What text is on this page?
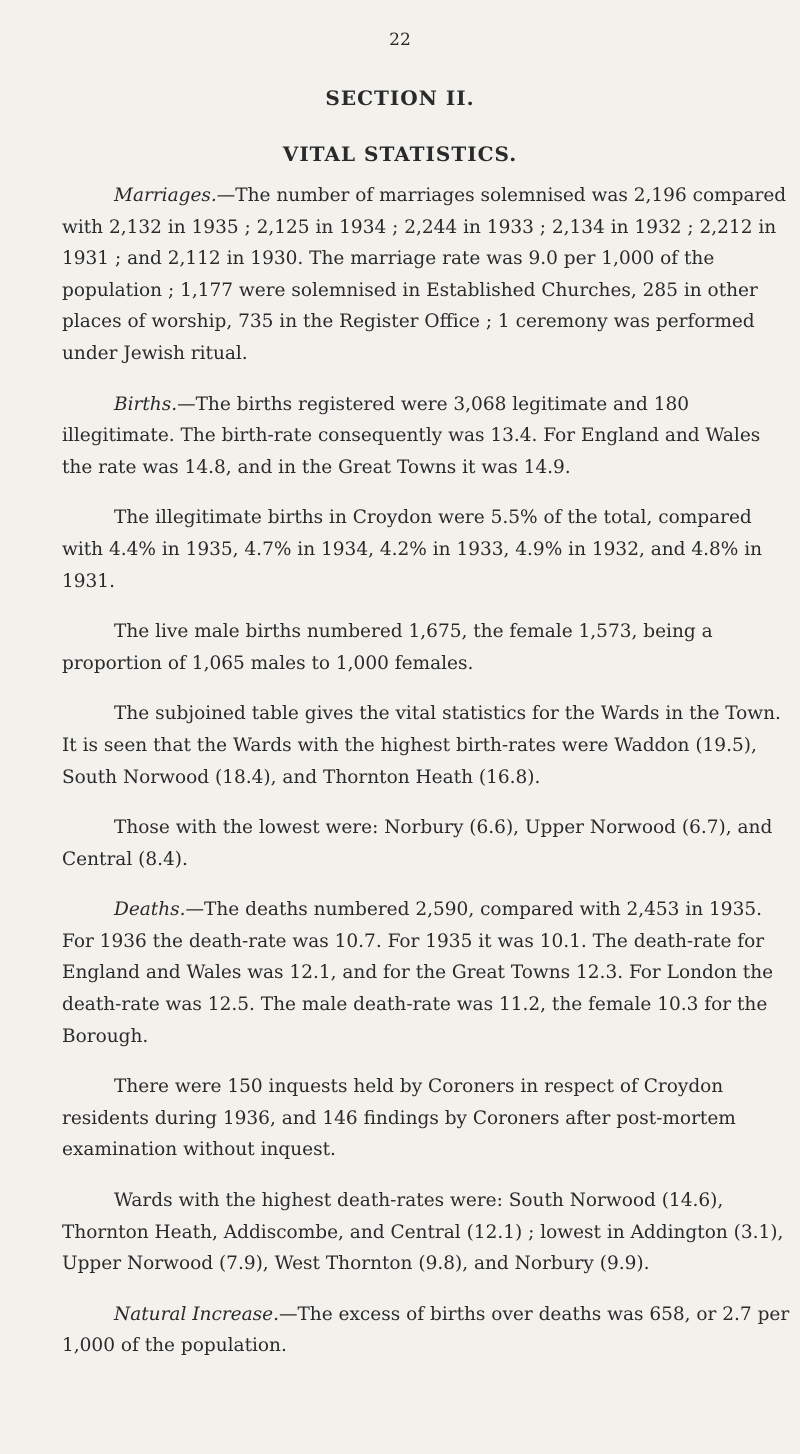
22
SECTION II.
VITAL STATISTICS.

Marriages.—The number of marriages solemnised was 2,196 compared with 2,132 in 1935 ; 2,125 in 1934 ; 2,244 in 1933 ; 2,134 in 1932 ; 2,212 in 1931 ; and 2,112 in 1930. The marriage rate was 9.0 per 1,000 of the population ; 1,177 were solemnised in Established Churches, 285 in other places of worship, 735 in the Register Office ; 1 ceremony was performed under Jewish ritual.

Births.—The births registered were 3,068 legitimate and 180 illegitimate. The birth-rate consequently was 13.4. For England and Wales the rate was 14.8, and in the Great Towns it was 14.9.

The illegitimate births in Croydon were 5.5% of the total, compared with 4.4% in 1935, 4.7% in 1934, 4.2% in 1933, 4.9% in 1932, and 4.8% in 1931.

The live male births numbered 1,675, the female 1,573, being a proportion of 1,065 males to 1,000 females.

The subjoined table gives the vital statistics for the Wards in the Town. It is seen that the Wards with the highest birth-rates were Waddon (19.5), South Norwood (18.4), and Thornton Heath (16.8).

Those with the lowest were: Norbury (6.6), Upper Norwood (6.7), and Central (8.4).

Deaths.—The deaths numbered 2,590, compared with 2,453 in 1935. For 1936 the death-rate was 10.7. For 1935 it was 10.1. The death-rate for England and Wales was 12.1, and for the Great Towns 12.3. For London the death-rate was 12.5. The male death-rate was 11.2, the female 10.3 for the Borough.

There were 150 inquests held by Coroners in respect of Croydon residents during 1936, and 146 findings by Coroners after post-mortem examination without inquest.

Wards with the highest death-rates were: South Norwood (14.6), Thornton Heath, Addiscombe, and Central (12.1) ; lowest in Addington (3.1), Upper Norwood (7.9), West Thornton (9.8), and Norbury (9.9).

Natural Increase.—The excess of births over deaths was 658, or 2.7 per 1,000 of the population.
